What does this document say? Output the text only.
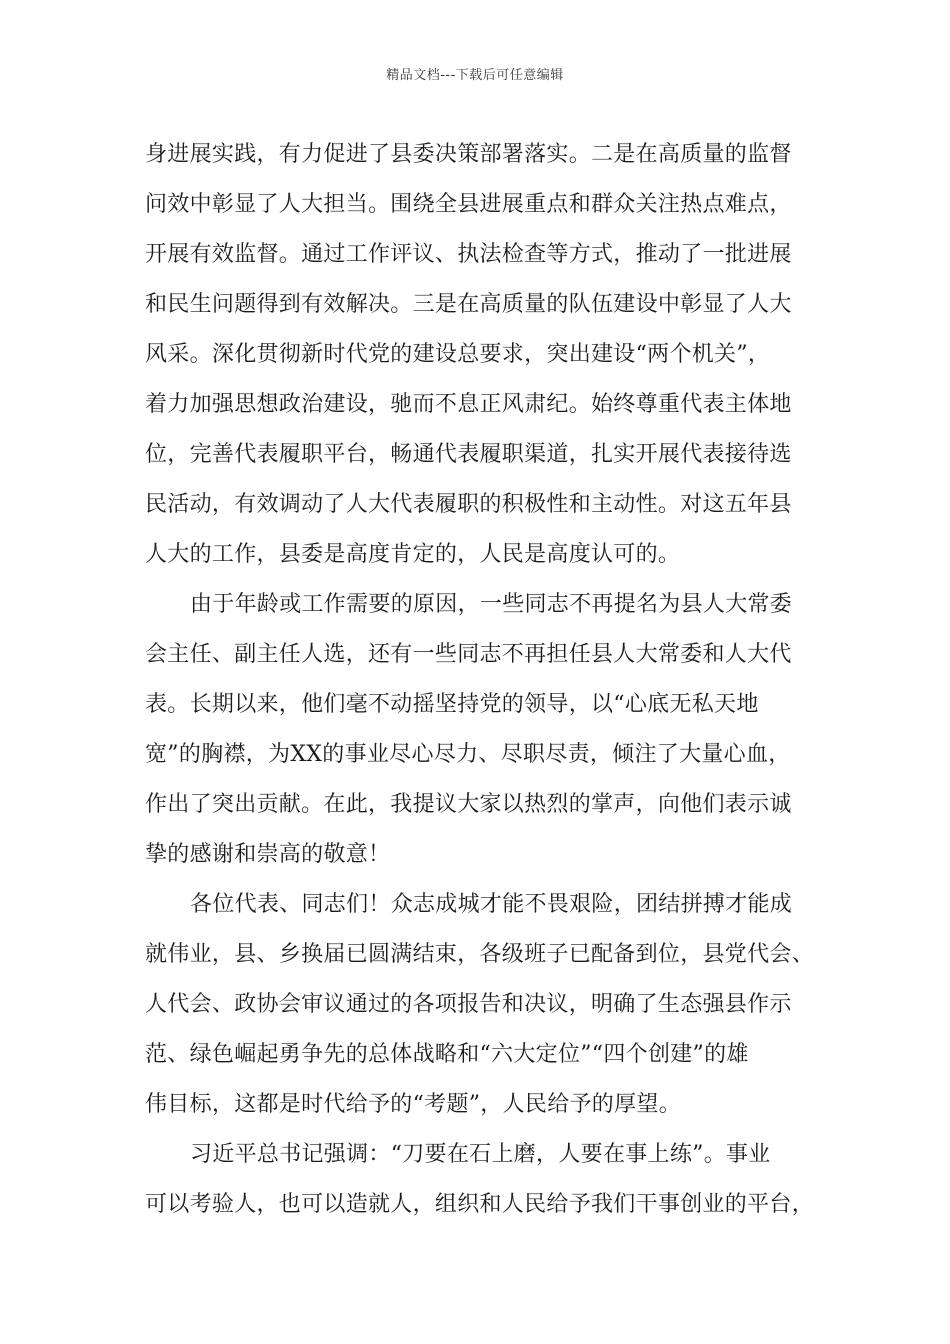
精品文档---下载后可任意编辑
身进展实践，有力促进了县委决策部署落实。二是在高质量的监督
问效中彰显了人大担当。围绕全县进展重点和群众关注热点难点，
开展有效监督。通过工作评议、执法检查等方式，推动了一批进展
和民生问题得到有效解决。三是在高质量的队伍建设中彰显了人大
风采。深化贯彻新时代党的建设总要求，突出建设“两个机关”，
着力加强思想政治建设，驰而不息正风肃纪。始终尊重代表主体地
位，完善代表履职平台，畅通代表履职渠道，扎实开展代表接待选
民活动，有效调动了人大代表履职的积极性和主动性。对这五年县
人大的工作，县委是高度肯定的，人民是高度认可的。
由于年龄或工作需要的原因，一些同志不再提名为县人大常委
会主任、副主任人选，还有一些同志不再担任县人大常委和人大代
表。长期以来，他们毫不动摇坚持党的领导，以“心底无私天地
宽”的胸襟，为XX的事业尽心尽力、尽职尽责，倾注了大量心血，
作出了突出贡献。在此，我提议大家以热烈的掌声，向他们表示诚
挚的感谢和崇高的敬意！
各位代表、同志们！众志成城才能不畏艰险，团结拼搏才能成
就伟业，县、乡换届已圆满结束，各级班子已配备到位，县党代会、
人代会、政协会审议通过的各项报告和决议，明确了生态强县作示
范、绿色崛起勇争先的总体战略和“六大定位”“四个创建”的雄
伟目标，这都是时代给予的“考题”，人民给予的厚望。
习近平总书记强调：“刀要在石上磨，人要在事上练”。事业
可以考验人，也可以造就人，组织和人民给予我们干事创业的平台，
